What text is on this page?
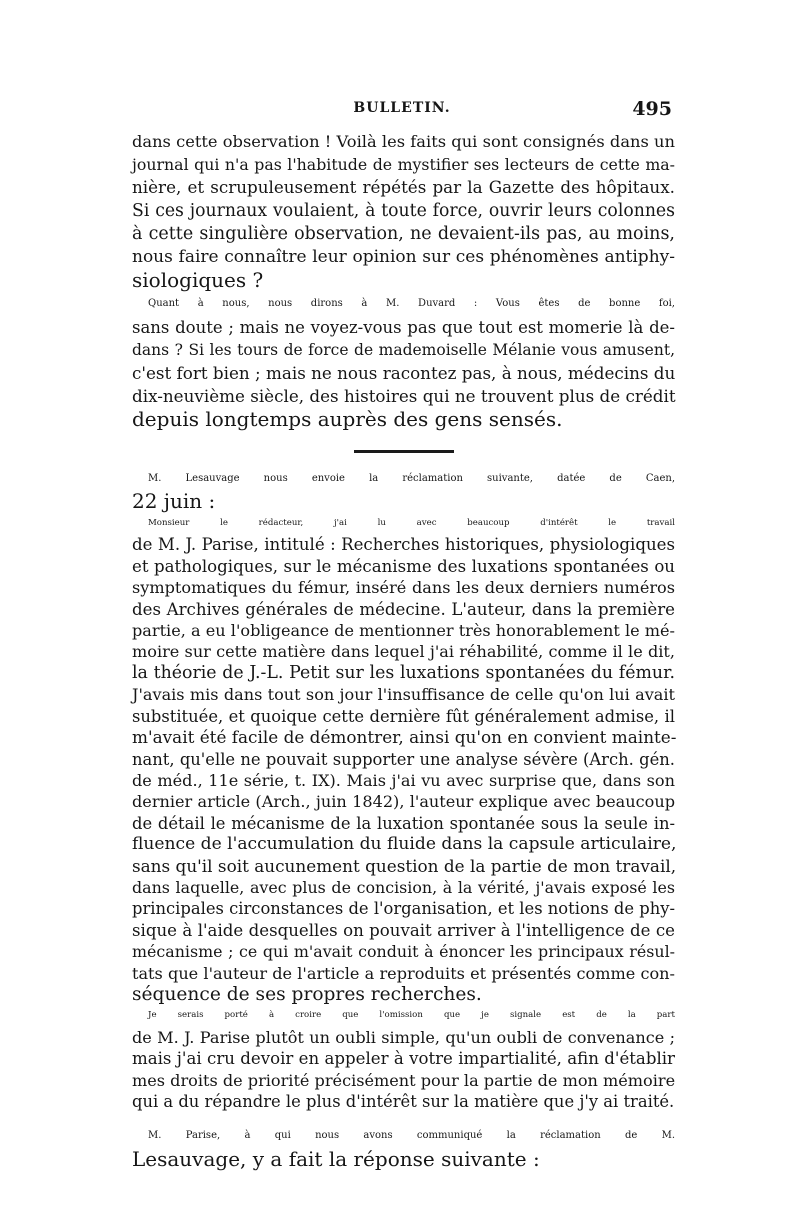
BULLETIN.	495

dans cette observation ! Voilà les faits qui sont consignés dans un
journal qui n'a pas l'habitude de mystifier ses lecteurs de cette ma-
nière, et scrupuleusement répétés par la Gazette des hôpitaux.
Si ces journaux voulaient, à toute force, ouvrir leurs colonnes
à cette singulière observation, ne devaient-ils pas, au moins,
nous faire connaître leur opinion sur ces phénomènes antiphy-
siologiques ?

Quant à nous, nous dirons à M. Duvard : Vous êtes de bonne foi,
sans doute ; mais ne voyez-vous pas que tout est momerie là de-
dans ? Si les tours de force de mademoiselle Mélanie vous amusent,
c'est fort bien ; mais ne nous racontez pas, à nous, médecins du
dix-neuvième siècle, des histoires qui ne trouvent plus de crédit
depuis longtemps auprès des gens sensés.

M. Lesauvage nous envoie la réclamation suivante, datée de Caen,
22 juin :

Monsieur le rédacteur, j'ai lu avec beaucoup d'intérêt le travail
de M. J. Parise, intitulé : Recherches historiques, physiologiques
et pathologiques, sur le mécanisme des luxations spontanées ou
symptomatiques du fémur, inséré dans les deux derniers numéros
des Archives générales de médecine. L'auteur, dans la première
partie, a eu l'obligeance de mentionner très honorablement le mé-
moire sur cette matière dans lequel j'ai réhabilité, comme il le dit,
la théorie de J.-L. Petit sur les luxations spontanées du fémur.
J'avais mis dans tout son jour l'insuffisance de celle qu'on lui avait
substituée, et quoique cette dernière fût généralement admise, il
m'avait été facile de démontrer, ainsi qu'on en convient mainte-
nant, qu'elle ne pouvait supporter une analyse sévère (Arch. gén.
de méd., 11e série, t. IX). Mais j'ai vu avec surprise que, dans son
dernier article (Arch., juin 1842), l'auteur explique avec beaucoup
de détail le mécanisme de la luxation spontanée sous la seule in-
fluence de l'accumulation du fluide dans la capsule articulaire,
sans qu'il soit aucunement question de la partie de mon travail,
dans laquelle, avec plus de concision, à la vérité, j'avais exposé les
principales circonstances de l'organisation, et les notions de phy-
sique à l'aide desquelles on pouvait arriver à l'intelligence de ce
mécanisme ; ce qui m'avait conduit à énoncer les principaux résul-
tats que l'auteur de l'article a reproduits et présentés comme con-
séquence de ses propres recherches.

Je serais porté à croire que l'omission que je signale est de la part
de M. J. Parise plutôt un oubli simple, qu'un oubli de convenance ;
mais j'ai cru devoir en appeler à votre impartialité, afin d'établir
mes droits de priorité précisément pour la partie de mon mémoire
qui a du répandre le plus d'intérêt sur la matière que j'y ai traité.

M. Parise, à qui nous avons communiqué la réclamation de M.
Lesauvage, y a fait la réponse suivante :
